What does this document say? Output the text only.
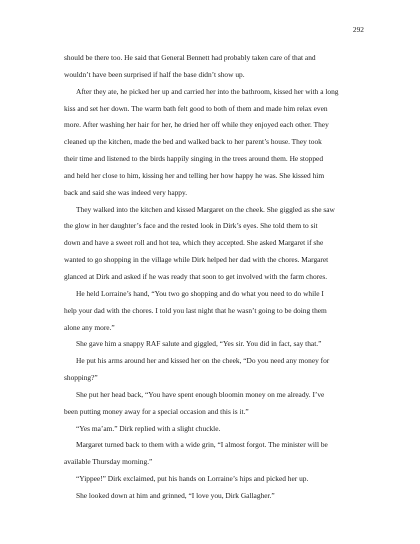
292
should be there too. He said that General Bennett had probably taken care of that and
wouldn’t have been surprised if half the base didn’t show up.
After they ate, he picked her up and carried her into the bathroom, kissed her with a long
kiss and set her down. The warm bath felt good to both of them and made him relax even
more. After washing her hair for her, he dried her off while they enjoyed each other. They
cleaned up the kitchen, made the bed and walked back to her parent’s house. They took
their time and listened to the birds happily singing in the trees around them. He stopped
and held her close to him, kissing her and telling her how happy he was. She kissed him
back and said she was indeed very happy.
They walked into the kitchen and kissed Margaret on the cheek. She giggled as she saw
the glow in her daughter’s face and the rested look in Dirk’s eyes. She told them to sit
down and have a sweet roll and hot tea, which they accepted. She asked Margaret if she
wanted to go shopping in the village while Dirk helped her dad with the chores. Margaret
glanced at Dirk and asked if he was ready that soon to get involved with the farm chores.
He held Lorraine’s hand, “You two go shopping and do what you need to do while I
help your dad with the chores. I told you last night that he wasn’t going to be doing them
alone any more.”
She gave him a snappy RAF salute and giggled, “Yes sir. You did in fact, say that.”
He put his arms around her and kissed her on the cheek, “Do you need any money for
shopping?”
She put her head back, “You have spent enough bloomin money on me already. I’ve
been putting money away for a special occasion and this is it.”
“Yes ma’am.” Dirk replied with a slight chuckle.
Margaret turned back to them with a wide grin, “I almost forgot. The minister will be
available Thursday morning.”
“Yippee!” Dirk exclaimed, put his hands on Lorraine’s hips and picked her up.
She looked down at him and grinned, “I love you, Dirk Gallagher.”
